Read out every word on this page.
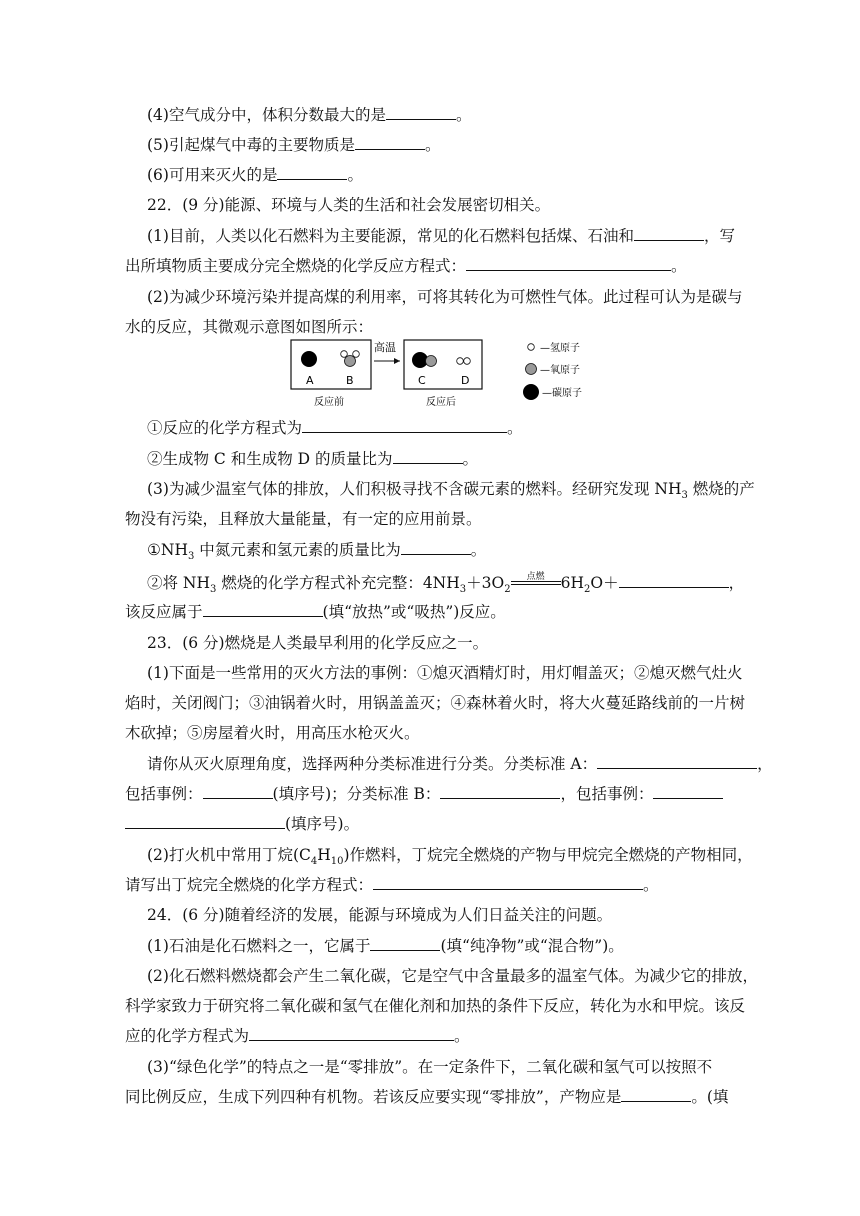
(4)空气成分中，体积分数最大的是	。
(5)引起煤气中毒的主要物质是	。
(6)可用来灭火的是	。
22．(9 分)能源、环境与人类的生活和社会发展密切相关。
(1)目前，人类以化石燃料为主要能源，常见的化石燃料包括煤、石油和	，写
出所填物质主要成分完全燃烧的化学反应方程式：	。
(2)为减少环境污染并提高煤的利用率，可将其转化为可燃性气体。此过程可认为是碳与
水的反应，其微观示意图如图所示：
A	B
高温
C	D
反应前	反应后
—氢原子
—氧原子
—碳原子
①反应的化学方程式为	。
②生成物 C 和生成物 D 的质量比为	。
(3)为减少温室气体的排放，人们积极寻找不含碳元素的燃料。经研究发现 $NH_3$ 燃烧的产
物没有污染，且释放大量能量，有一定的应用前景。
$①NH_3$ 中氮元素和氢元素的质量比为	。
②将 $NH_3$ 燃烧的化学方程式补充完整：$4NH_3+3O_2$
点燃	$6H_2O+$	，
该反应属于	(填“放热”或“吸热”)反应。
23．(6 分)燃烧是人类最早利用的化学反应之一。
(1)下面是一些常用的灭火方法的事例：①熄灭酒精灯时，用灯帽盖灭；②熄灭燃气灶火
焰时，关闭阀门；③油锅着火时，用锅盖盖灭；④森林着火时，将大火蔓延路线前的一片树
木砍掉；⑤房屋着火时，用高压水枪灭火。
请你从灭火原理角度，选择两种分类标准进行分类。分类标准 A：	，
包括事例：	(填序号)；分类标准 B：	，包括事例：
(填序号)。
(2)打火机中常用丁烷$(C_4H_{10})$作燃料，丁烷完全燃烧的产物与甲烷完全燃烧的产物相同，
请写出丁烷完全燃烧的化学方程式：	。
24．(6 分)随着经济的发展，能源与环境成为人们日益关注的问题。
(1)石油是化石燃料之一，它属于	(填“纯净物”或“混合物”)。
(2)化石燃料燃烧都会产生二氧化碳，它是空气中含量最多的温室气体。为减少它的排放，
科学家致力于研究将二氧化碳和氢气在催化剂和加热的条件下反应，转化为水和甲烷。该反
应的化学方程式为	。
(3)“绿色化学”的特点之一是“零排放”。在一定条件下，二氧化碳和氢气可以按照不
同比例反应，生成下列四种有机物。若该反应要实现“零排放”，产物应是	。(填
